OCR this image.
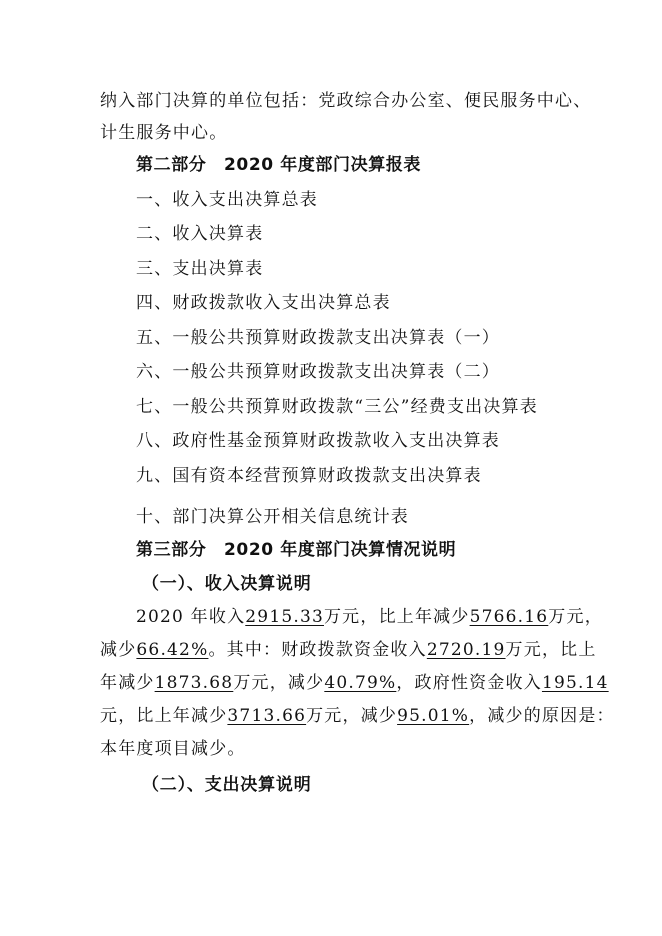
纳入部门决算的单位包括：党政综合办公室、便民服务中心、
计生服务中心。
第二部分　2020 年度部门决算报表
一、收入支出决算总表
二、收入决算表
三、支出决算表
四、财政拨款收入支出决算总表
五、一般公共预算财政拨款支出决算表（一）
六、一般公共预算财政拨款支出决算表（二）
七、一般公共预算财政拨款“三公”经费支出决算表
八、政府性基金预算财政拨款收入支出决算表
九、国有资本经营预算财政拨款支出决算表
十、部门决算公开相关信息统计表
第三部分　2020 年度部门决算情况说明
（一）、收入决算说明
2020 年收入2915.33万元，比上年减少5766.16万元，
减少66.42%。其中：财政拨款资金收入2720.19万元，比上
年减少1873.68万元，减少40.79%，政府性资金收入195.14
元，比上年减少3713.66万元，减少95.01%，减少的原因是：
本年度项目减少。
（二）、支出决算说明
